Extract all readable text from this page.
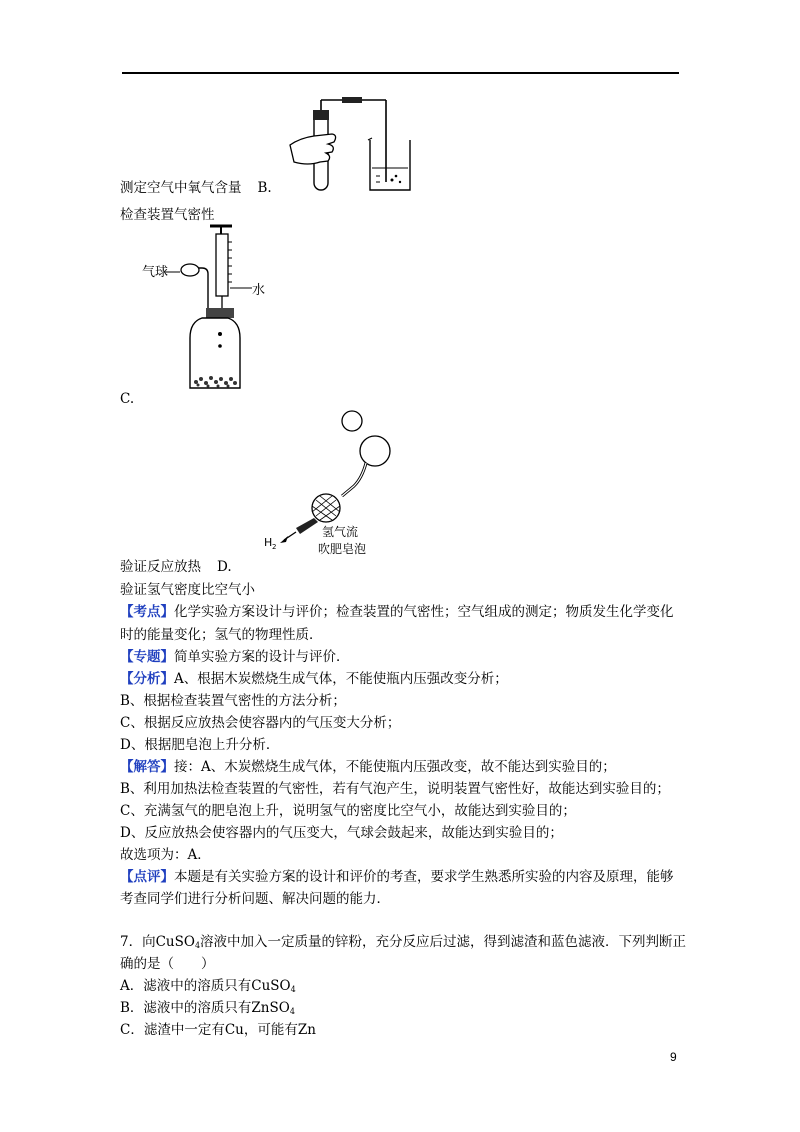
测定空气中氧气含量 B.
检查装置气密性
气球
水
C.
H 2
氢气流
吹肥皂泡
验证反应放热 D.
验证氢气密度比空气小
【考点】化学实验方案设计与评价；检查装置的气密性；空气组成的测定；物质发生化学变化
时的能量变化；氢气的物理性质．
【专题】简单实验方案的设计与评价．
【分析】A、根据木炭燃烧生成气体，不能使瓶内压强改变分析；
B、根据检查装置气密性的方法分析；
C、根据反应放热会使容器内的气压变大分析；
D、根据肥皂泡上升分析．
【解答】接：A、木炭燃烧生成气体，不能使瓶内压强改变，故不能达到实验目的；
B、利用加热法检查装置的气密性，若有气泡产生，说明装置气密性好，故能达到实验目的；
C、充满氢气的肥皂泡上升，说明氢气的密度比空气小，故能达到实验目的；
D、反应放热会使容器内的气压变大，气球会鼓起来，故能达到实验目的；
故选项为：A．
【点评】本题是有关实验方案的设计和评价的考查，要求学生熟悉所实验的内容及原理，能够
考查同学们进行分析问题、解决问题的能力．
7．向CuSO$_4$溶液中加入一定质量的锌粉，充分反应后过滤，得到滤渣和蓝色滤液．下列判断正
确的是（　　）
A．滤液中的溶质只有CuSO$_4$
B．滤液中的溶质只有ZnSO$_4$
C．滤渣中一定有Cu，可能有Zn
9
